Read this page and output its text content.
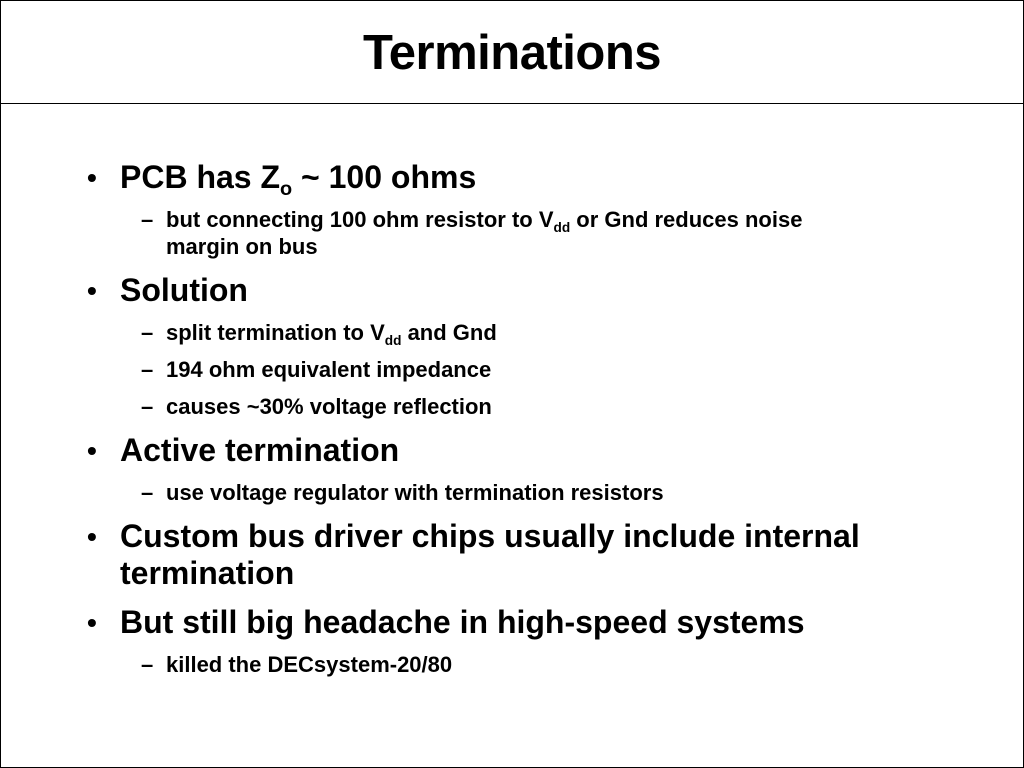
Terminations
• PCB has $Z_o$ ~ 100 ohms
– but connecting 100 ohm resistor to $V_{dd}$ or Gnd reduces noise
margin on bus
• Solution
– split termination to $V_{dd}$ and Gnd
– 194 ohm equivalent impedance
– causes ~30% voltage reflection
• Active termination
– use voltage regulator with termination resistors
• Custom bus driver chips usually include internal
termination
• But still big headache in high-speed systems
– killed the DECsystem-20/80
